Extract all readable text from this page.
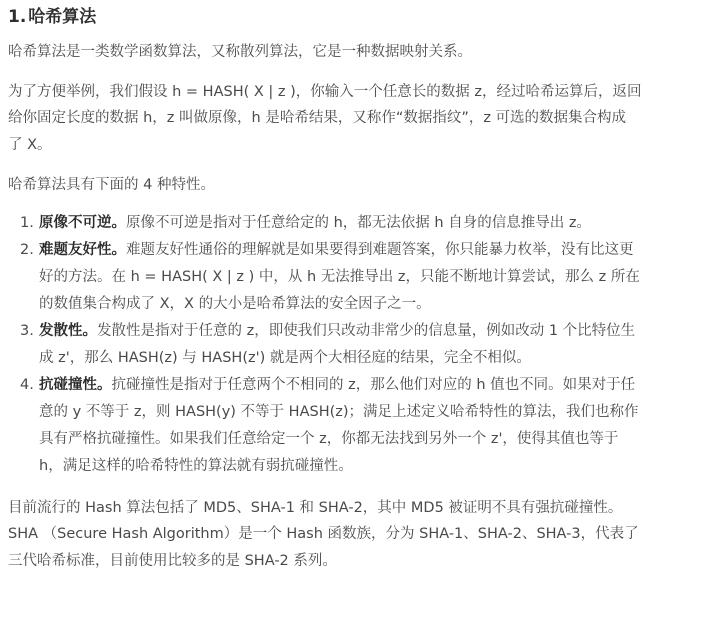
1. 哈希算法

哈希算法是一类数学函数算法，又称散列算法，它是一种数据映射关系。

为了方便举例，我们假设 h = HASH( X | z )，你输入一个任意长的数据 z，经过哈希运算后，返回
给你固定长度的数据 h，z 叫做原像，h 是哈希结果，又称作“数据指纹”，z 可选的数据集合构成
了 X。

哈希算法具有下面的 4 种特性。

1. 原像不可逆。原像不可逆是指对于任意给定的 h，都无法依据 h 自身的信息推导出 z。
2. 难题友好性。难题友好性通俗的理解就是如果要得到难题答案，你只能暴力枚举，没有比这更
好的方法。在 h = HASH( X | z ) 中，从 h 无法推导出 z，只能不断地计算尝试，那么 z 所在
的数值集合构成了 X，X 的大小是哈希算法的安全因子之一。
3. 发散性。发散性是指对于任意的 z，即使我们只改动非常少的信息量，例如改动 1 个比特位生
成 z'，那么 HASH(z) 与 HASH(z') 就是两个大相径庭的结果，完全不相似。
4. 抗碰撞性。抗碰撞性是指对于任意两个不相同的 z，那么他们对应的 h 值也不同。如果对于任
意的 y 不等于 z，则 HASH(y) 不等于 HASH(z)；满足上述定义哈希特性的算法，我们也称作
具有严格抗碰撞性。如果我们任意给定一个 z，你都无法找到另外一个 z'，使得其值也等于
h，满足这样的哈希特性的算法就有弱抗碰撞性。

目前流行的 Hash 算法包括了 MD5、SHA-1 和 SHA-2，其中 MD5 被证明不具有强抗碰撞性。
SHA （Secure Hash Algorithm）是一个 Hash 函数族，分为 SHA-1、SHA-2、SHA-3，代表了
三代哈希标准，目前使用比较多的是 SHA-2 系列。
